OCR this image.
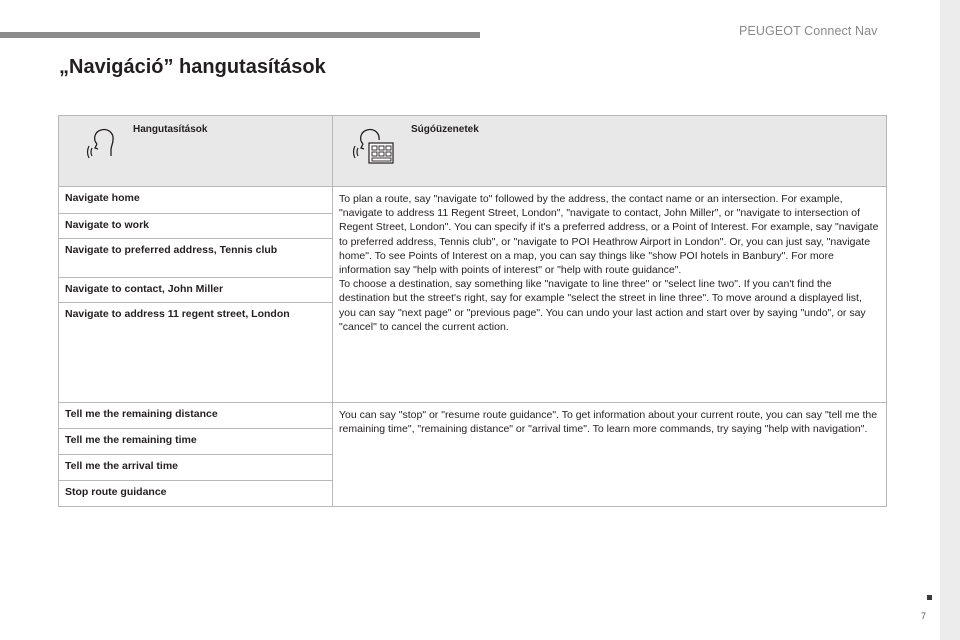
PEUGEOT Connect Nav
7
„Navigáció” hangutasítások
Hangutasítások	Súgóüzenetek

Navigate home	To plan a route, say "navigate to" followed by the address, the contact name or an intersection. For example, "navigate to address 11 Regent Street, London", "navigate to contact, John Miller", or "navigate to intersection of Regent Street, London". You can specify if it's a preferred address, or a Point of Interest. For example, say "navigate to preferred address, Tennis club", or "navigate to POI Heathrow Airport in London". Or, you can just say, "navigate home". To see Points of Interest on a map, you can say things like "show POI hotels in Banbury". For more information say "help with points of interest" or "help with route guidance".
To choose a destination, say something like "navigate to line three" or "select line two". If you can't find the destination but the street's right, say for example "select the street in line three". To move around a displayed list, you can say "next page" or "previous page". You can undo your last action and start over by saying "undo", or say "cancel" to cancel the current action.

Navigate to work	
Navigate to preferred address, Tennis club	
Navigate to contact, John Miller	
Navigate to address 11 regent street, London	
Tell me the remaining distance	You can say "stop" or "resume route guidance". To get information about your current route, you can say "tell me the remaining time", "remaining distance" or "arrival time". To learn more commands, try saying "help with navigation".

Tell me the remaining time	
Tell me the arrival time	
Stop route guidance	
